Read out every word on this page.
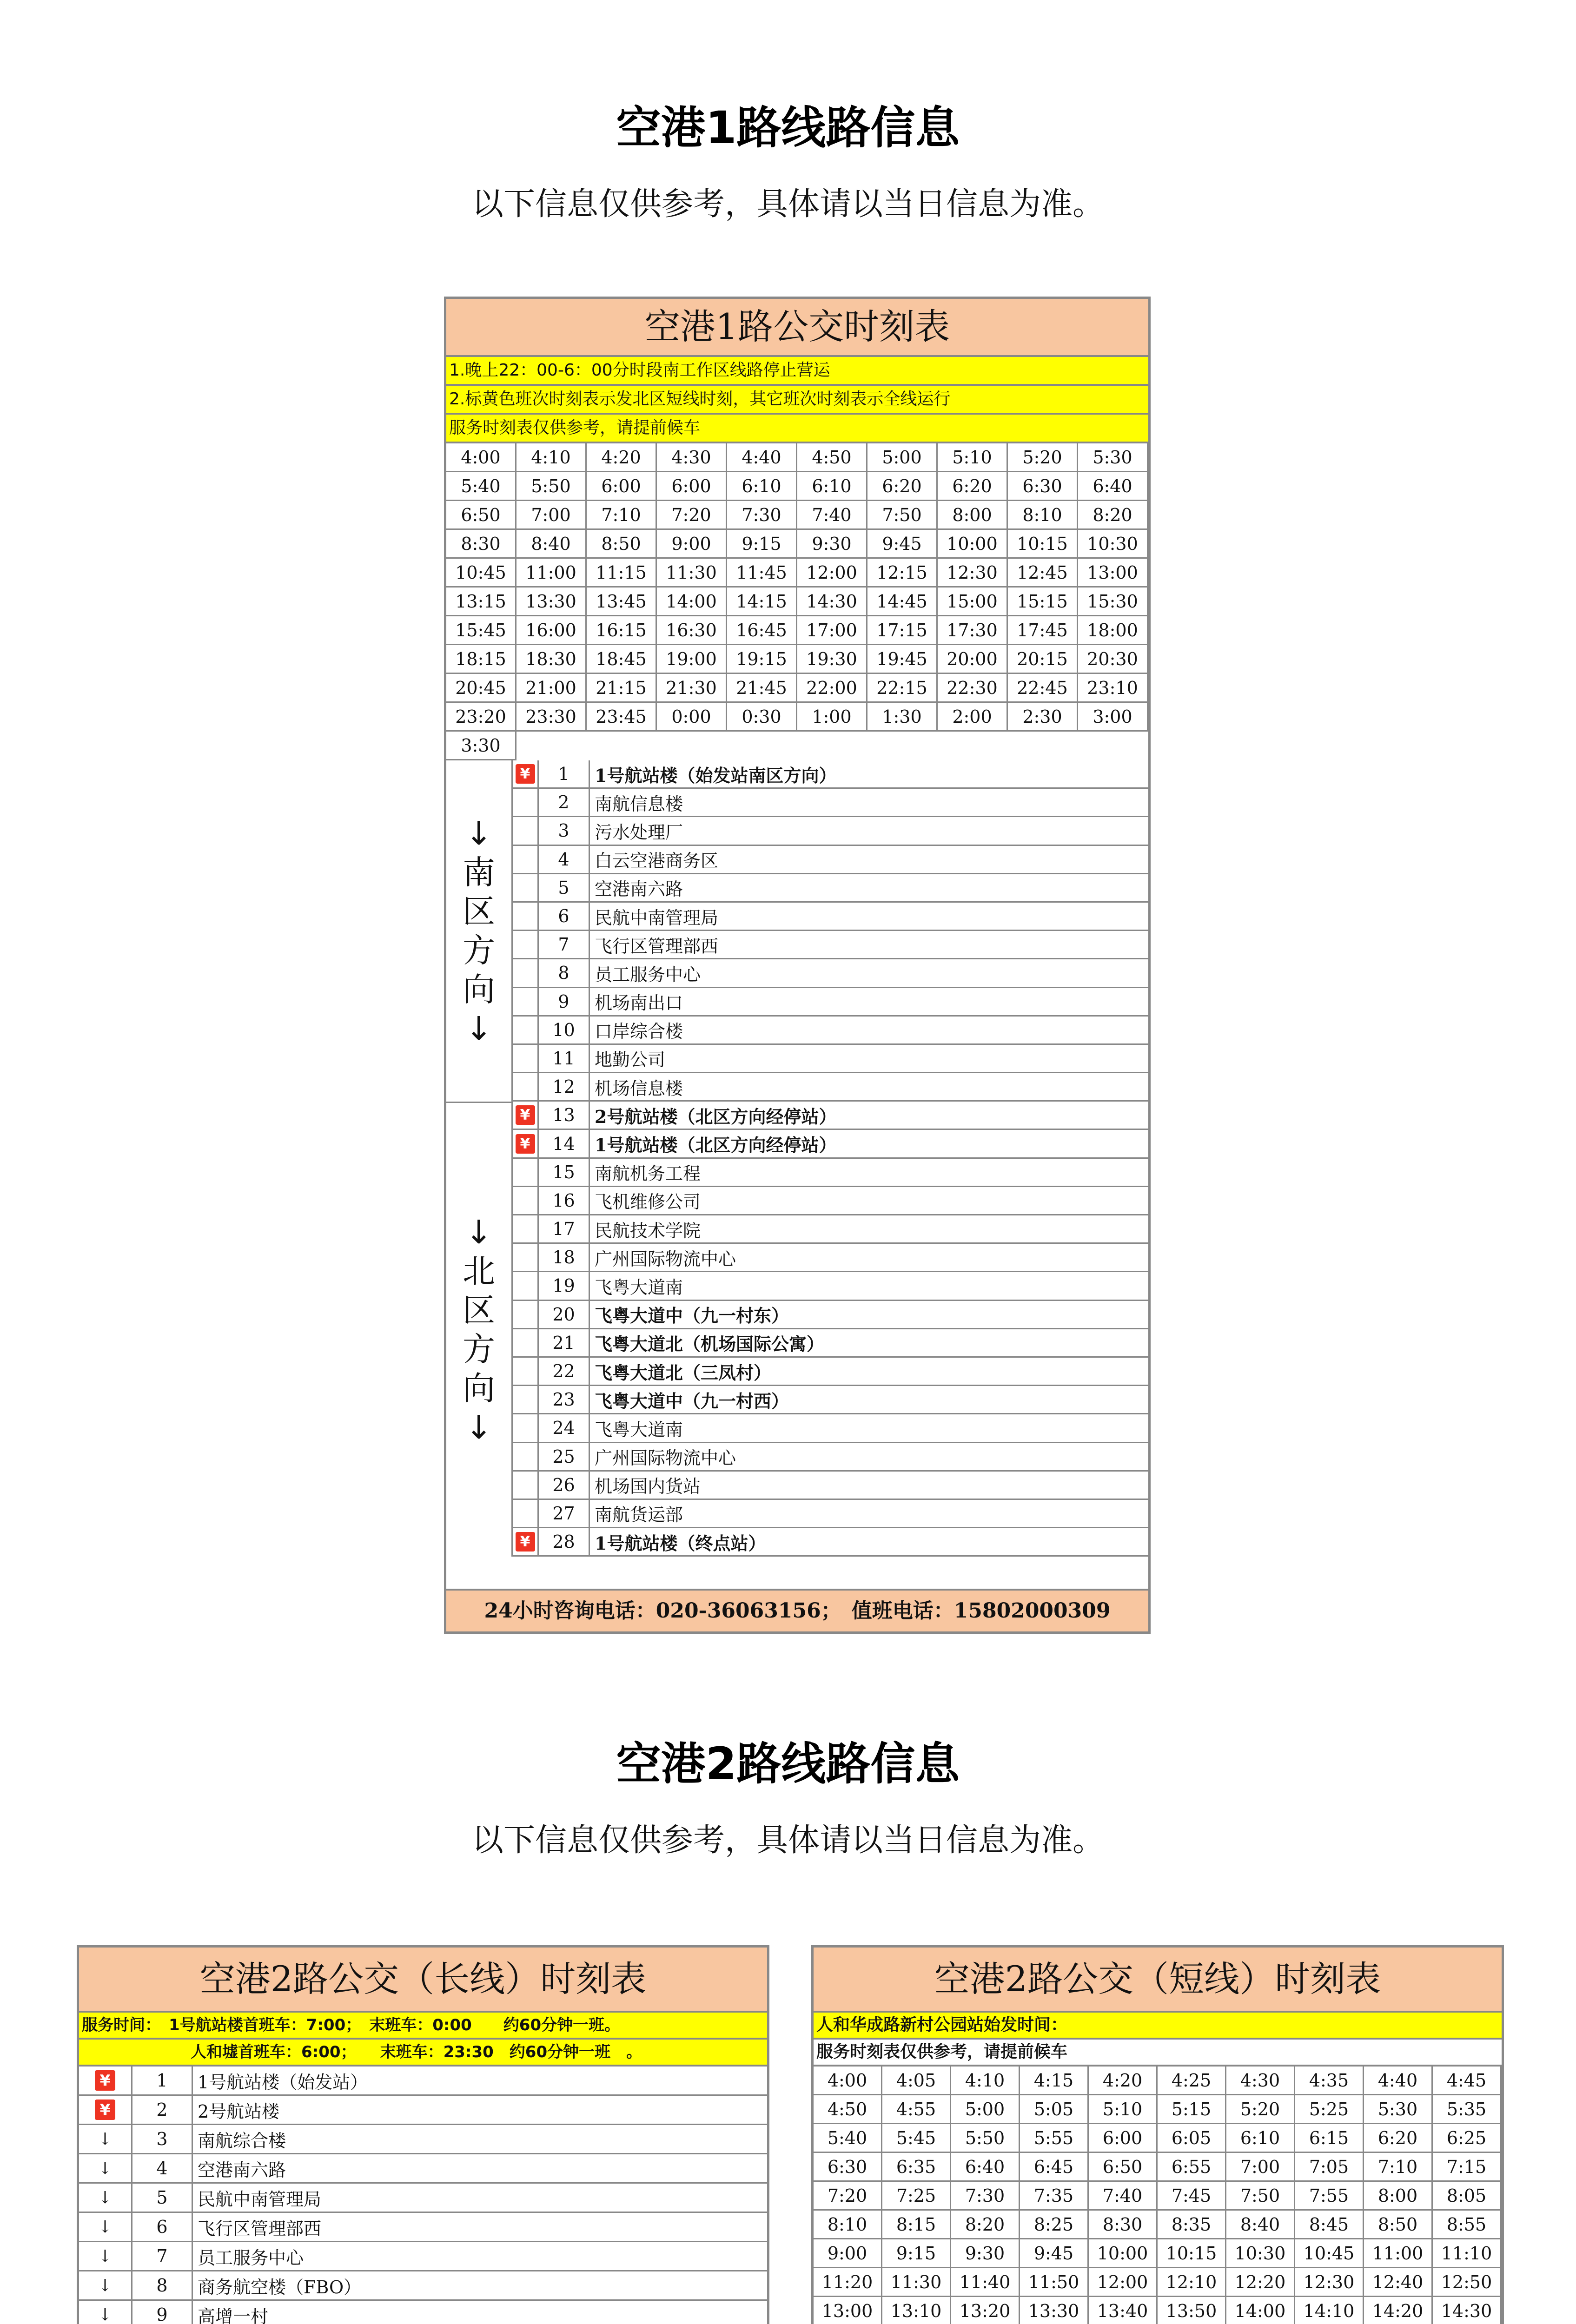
空港1路线路信息
以下信息仅供参考，具体请以当日信息为准。
空港1路公交时刻表
1.晚上22：00-6：00分时段南工作区线路停止营运
2.标黄色班次时刻表示发北区短线时刻，其它班次时刻表示全线运行
服务时刻表仅供参考，请提前候车
4:00	4:10	4:20	4:30	4:40	4:50	5:00	5:10	5:20	5:30
5:40	5:50	6:00	6:00	6:10	6:10	6:20	6:20	6:30	6:40
6:50	7:00	7:10	7:20	7:30	7:40	7:50	8:00	8:10	8:20
8:30	8:40	8:50	9:00	9:15	9:30	9:45	10:00	10:15	10:30
10:45	11:00	11:15	11:30	11:45	12:00	12:15	12:30	12:45	13:00
13:15	13:30	13:45	14:00	14:15	14:30	14:45	15:00	15:15	15:30
15:45	16:00	16:15	16:30	16:45	17:00	17:15	17:30	17:45	18:00
18:15	18:30	18:45	19:00	19:15	19:30	19:45	20:00	20:15	20:30
20:45	21:00	21:15	21:30	21:45	22:00	22:15	22:30	22:45	23:10
23:20	23:30	23:45	0:00	0:30	1:00	1:30	2:00	2:30	3:00
3:30
¥	1	1号航站楼（始发站南区方向）
2	南航信息楼
3	污水处理厂
4	白云空港商务区
5	空港南六路
6	民航中南管理局
7	飞行区管理部西
8	员工服务中心
9	机场南出口
10	口岸综合楼
11	地勤公司
12	机场信息楼
¥	13	2号航站楼（北区方向经停站）
¥	14	1号航站楼（北区方向经停站）
15	南航机务工程
16	飞机维修公司
17	民航技术学院
18	广州国际物流中心
19	飞粤大道南
20	飞粤大道中（九一村东）
21	飞粤大道北（机场国际公寓）
22	飞粤大道北（三凤村）
23	飞粤大道中（九一村西）
24	飞粤大道南
25	广州国际物流中心
26	机场国内货站
27	南航货运部
¥	28	1号航站楼（终点站）
↓
南
区
方
向
↓
↓
北
区
方
向
↓
24小时咨询电话：020-36063156；　值班电话：15802000309
空港2路线路信息
以下信息仅供参考，具体请以当日信息为准。
空港2路公交（长线）时刻表
服务时间：　1号航站楼首班车：7:00；　末班车：0:00　　约60分钟一班。
人和墟首班车：6:00；　　末班车：23:30　约60分钟一班　。
¥	1	1号航站楼（始发站）
¥	2	2号航站楼
↓	3	南航综合楼
↓	4	空港南六路
↓	5	民航中南管理局
↓	6	飞行区管理部西
↓	7	员工服务中心
↓	8	商务航空楼（FBO）
↓	9	高增一村
空港2路公交（短线）时刻表
人和华成路新村公园站始发时间：
服务时刻表仅供参考，请提前候车
4:00	4:05	4:10	4:15	4:20	4:25	4:30	4:35	4:40	4:45
4:50	4:55	5:00	5:05	5:10	5:15	5:20	5:25	5:30	5:35
5:40	5:45	5:50	5:55	6:00	6:05	6:10	6:15	6:20	6:25
6:30	6:35	6:40	6:45	6:50	6:55	7:00	7:05	7:10	7:15
7:20	7:25	7:30	7:35	7:40	7:45	7:50	7:55	8:00	8:05
8:10	8:15	8:20	8:25	8:30	8:35	8:40	8:45	8:50	8:55
9:00	9:15	9:30	9:45	10:00	10:15	10:30	10:45	11:00	11:10
11:20	11:30	11:40	11:50	12:00	12:10	12:20	12:30	12:40	12:50
13:00	13:10	13:20	13:30	13:40	13:50	14:00	14:10	14:20	14:30
